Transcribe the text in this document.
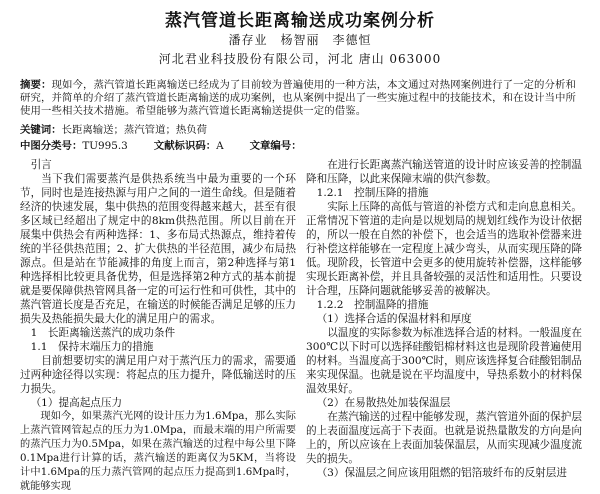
蒸汽管道长距离输送成功案例分析
潘存业　杨智丽　李德恒
河北君业科技股份有限公司，河北 唐山 063000
摘要：现如今，蒸汽管道长距离输送已经成为了目前较为普遍使用的一种方法，本文通过对热网案例进行了一定的分析和研究，并简单的介绍了蒸汽管道长距离输送的成功案例，也从案例中提出了一些实施过程中的技能技术，和在设计当中所使用一些相关技术措施。希望能够为蒸汽管道长距离输送提供一定的借鉴。
关键词：长距离输送；蒸汽管道；热负荷
中图分类号：TU995.3	文献标识码：A	文章编号：

引言

当下我们需要蒸汽是供热系统当中最为重要的一个环节，同时也是连接热源与用户之间的一道生命线。但是随着经济的快速发展，集中供热的范围变得越来越大，甚至有很多区域已经超出了规定中的8km供热范围。所以目前在开展集中供热会有两种选择：1、多布局式热源点，维持着传统的半径供热范围；2、扩大供热的半径范围，减少布局热源点。但是站在节能减排的角度上而言，第2种选择与第1种选择相比较更具备优势，但是选择第2种方式的基本前提就是要保障供热管网具备一定的可运行性和可供性，其中的蒸汽管道长度是否充足，在输送的时候能否满足足够的压力损失及热能损失最大化的满足用户的需求。

1　长距离输送蒸汽的成功条件

1.1　保持末端压力的措施

目前想要切实的满足用户对于蒸汽压力的需求，需要通过两种途径得以实现：将起点的压力提升，降低输送时的压力损失。

（1）提高起点压力

现如今，如果蒸汽光网的设计压力为1.6Mpa，那么实际上蒸汽管网管起点的压力为1.0Mpa，而最末端的用户所需要的蒸汽压力为0.5Mpa，如果在蒸汽输送的过程中每公里下降0.1Mpa进行计算的话，蒸汽输送的距离仅为5KM，当将设计中1.6Mpa的压力蒸汽管网的起点压力提高到1.6Mpa时，就能够实现

在进行长距离蒸汽输送管道的设计时应该妥善的控制温降和压降，以此来保障末端的供汽参数。

1.2.1　控制压降的措施

实际上压降的高低与管道的补偿方式和走向息息相关。正常情况下管道的走向是以规划局的规划红线作为设计依据的，所以一般在自然的补偿下，也会适当的选取补偿器来进行补偿这样能够在一定程度上减少弯头，从而实现压降的降低。现阶段，长管道中会更多的使用旋转补偿器，这样能够实现长距离补偿，并且具备较强的灵活性和适用性。只要设计合理，压降问题就能够妥善的被解决。

1.2.2　控制温降的措施

（1）选择合适的保温材料和厚度

以温度的实际参数为标准选择合适的材料。一般温度在300℃以下时可以选择硅酸铝棉材料这也是现阶段普遍使用的材料。当温度高于300℃时，则应该选择复合硅酸铝制品来实现保温。也就是说在平均温度中，导热系数小的材料保温效果好。

（2）在易散热处加装保温层

在蒸汽输送的过程中能够发现，蒸汽管道外面的保护层的上表面温度远高于下表面。也就是说热量散发的方向是向上的，所以应该在上表面加装保温层，从而实现减少温度流失的损失。

（3）保温层之间应该用阻燃的铝箔玻纤布的反射层进
